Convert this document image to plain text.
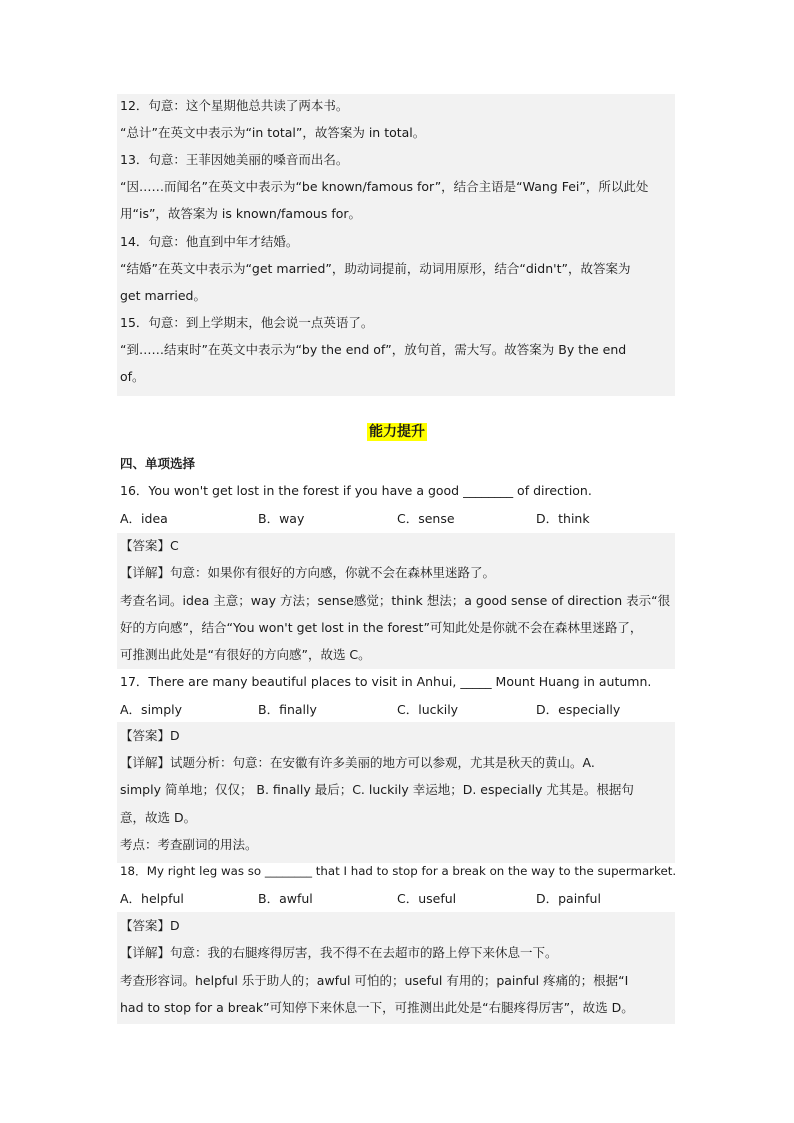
12．句意：这个星期他总共读了两本书。
“总计”在英文中表示为“in total”，故答案为 in total。
13．句意：王菲因她美丽的嗓音而出名。
“因……而闻名”在英文中表示为“be known/famous for”，结合主语是“Wang Fei”，所以此处
用“is”，故答案为 is known/famous for。
14．句意：他直到中年才结婚。
“结婚”在英文中表示为“get married”，助动词提前，动词用原形，结合“didn't”，故答案为
get married。
15．句意：到上学期末，他会说一点英语了。
“到……结束时”在英文中表示为“by the end of”，放句首，需大写。故答案为 By the end
of。
能力提升
四、单项选择
16．You won't get lost in the forest if you have a good ________ of direction.
A．idea	B．way	C．sense	D．think
【答案】C
【详解】句意：如果你有很好的方向感，你就不会在森林里迷路了。
考查名词。idea 主意；way 方法；sense感觉；think 想法；a good sense of direction 表示“很
好的方向感”，结合“You won't get lost in the forest”可知此处是你就不会在森林里迷路了，
可推测出此处是“有很好的方向感”，故选 C。
17．There are many beautiful places to visit in Anhui, _____ Mount Huang in autumn.
A．simply	B．finally	C．luckily	D．especially
【答案】D
【详解】试题分析：句意：在安徽有许多美丽的地方可以参观，尤其是秋天的黄山。A.
simply 简单地；仅仅； B. finally 最后；C. luckily 幸运地；D. especially 尤其是。根据句
意，故选 D。
考点：考查副词的用法。
18．My right leg was so ________ that I had to stop for a break on the way to the supermarket.
A．helpful	B．awful	C．useful	D．painful
【答案】D
【详解】句意：我的右腿疼得厉害，我不得不在去超市的路上停下来休息一下。
考查形容词。helpful 乐于助人的；awful 可怕的；useful 有用的；painful 疼痛的；根据“I
had to stop for a break”可知停下来休息一下，可推测出此处是“右腿疼得厉害”，故选 D。
